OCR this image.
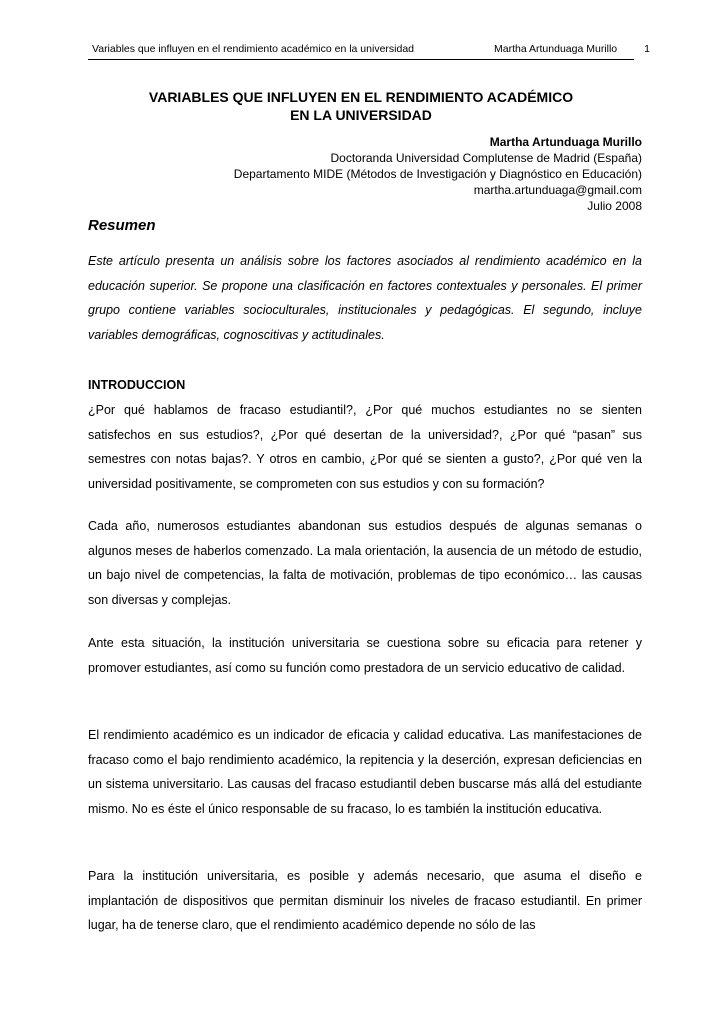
Variables que influyen en el rendimiento académico en la universidad	Martha Artunduaga Murillo	1
VARIABLES QUE INFLUYEN EN EL RENDIMIENTO ACADÉMICO
EN LA UNIVERSIDAD
Martha Artunduaga Murillo
Doctoranda Universidad Complutense de Madrid (España)
Departamento MIDE (Métodos de Investigación y Diagnóstico en Educación)
martha.artunduaga@gmail.com
Julio 2008
Resumen

Este artículo presenta un análisis sobre los factores asociados al rendimiento académico en la educación superior. Se propone una clasificación en factores contextuales y personales. El primer grupo contiene variables socioculturales, institucionales y pedagógicas. El segundo, incluye variables demográficas, cognoscitivas y actitudinales.

INTRODUCCION

¿Por qué hablamos de fracaso estudiantil?, ¿Por qué muchos estudiantes no se sienten satisfechos en sus estudios?, ¿Por qué desertan de la universidad?, ¿Por qué “pasan” sus semestres con notas bajas?. Y otros en cambio, ¿Por qué se sienten a gusto?, ¿Por qué ven la universidad positivamente, se comprometen con sus estudios y con su formación?

Cada año, numerosos estudiantes abandonan sus estudios después de algunas semanas o algunos meses de haberlos comenzado. La mala orientación, la ausencia de un método de estudio, un bajo nivel de competencias, la falta de motivación, problemas de tipo económico… las causas son diversas y complejas.

Ante esta situación, la institución universitaria se cuestiona sobre su eficacia para retener y promover estudiantes, así como su función como prestadora de un servicio educativo de calidad.

El rendimiento académico es un indicador de eficacia y calidad educativa. Las manifestaciones de fracaso como el bajo rendimiento académico, la repitencia y la deserción, expresan deficiencias en un sistema universitario. Las causas del fracaso estudiantil deben buscarse más allá del estudiante mismo. No es éste el único responsable de su fracaso, lo es también la institución educativa.

Para la institución universitaria, es posible y además necesario, que asuma el diseño e implantación de dispositivos que permitan disminuir los niveles de fracaso estudiantil. En primer lugar, ha de tenerse claro, que el rendimiento académico depende no sólo de las
